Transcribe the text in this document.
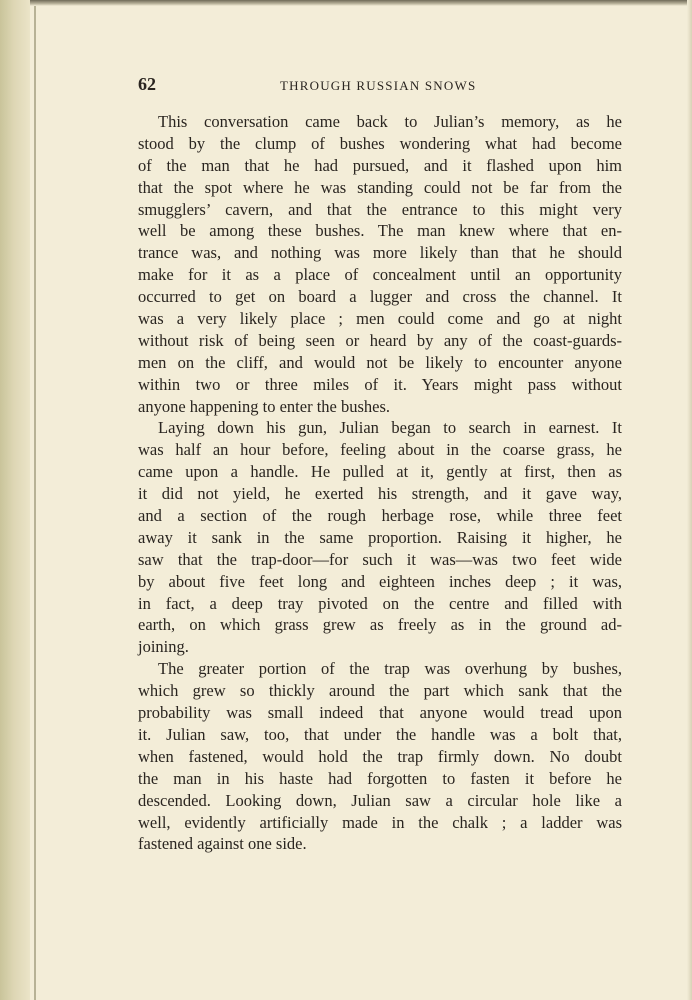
62	THROUGH RUSSIAN SNOWS
This conversation came back to Julian’s memory, as he
stood by the clump of bushes wondering what had become
of the man that he had pursued, and it flashed upon him
that the spot where he was standing could not be far from the
smugglers’ cavern, and that the entrance to this might very
well be among these bushes. The man knew where that en-
trance was, and nothing was more likely than that he should
make for it as a place of concealment until an opportunity
occurred to get on board a lugger and cross the channel. It
was a very likely place ; men could come and go at night
without risk of being seen or heard by any of the coast-guards-
men on the cliff, and would not be likely to encounter anyone
within two or three miles of it. Years might pass without
anyone happening to enter the bushes.
Laying down his gun, Julian began to search in earnest. It
was half an hour before, feeling about in the coarse grass, he
came upon a handle. He pulled at it, gently at first, then as
it did not yield, he exerted his strength, and it gave way,
and a section of the rough herbage rose, while three feet
away it sank in the same proportion. Raising it higher, he
saw that the trap-door—for such it was—was two feet wide
by about five feet long and eighteen inches deep ; it was,
in fact, a deep tray pivoted on the centre and filled with
earth, on which grass grew as freely as in the ground ad-
joining.
The greater portion of the trap was overhung by bushes,
which grew so thickly around the part which sank that the
probability was small indeed that anyone would tread upon
it. Julian saw, too, that under the handle was a bolt that,
when fastened, would hold the trap firmly down. No doubt
the man in his haste had forgotten to fasten it before he
descended. Looking down, Julian saw a circular hole like a
well, evidently artificially made in the chalk ; a ladder was
fastened against one side.
